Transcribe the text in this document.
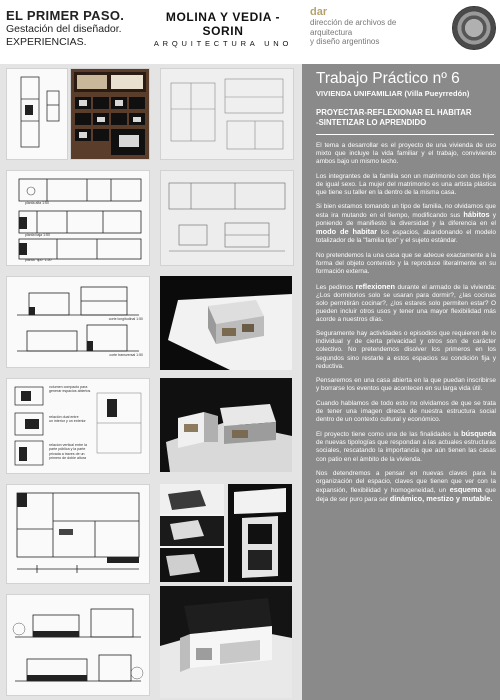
EL PRIMER PASO.
Gestación del diseñador.
EXPERIENCIAS.
MOLINA Y VEDIA - SORIN
ARQUITECTURA UNO
dar
dirección de archivos de arquitectura
y diseño argentinos
planta alta 1:50
planta baja 1:50
planta "tipo" 1:50
corte longitudinal 1:50
corte transversal 1:50
volumen compacto para
generar espacios abiertos
relación dual entre
un interior y un exterior
relacion vertical entre la
parte pública y la parte
privada a traves de un
primero de doble altura
Trabajo Práctico nº 6
VIVIENDA UNIFAMILIAR (Villa Pueyrredón)
PROYECTAR-REFLEXIONAR EL HABITAR
-SINTETIZAR LO APRENDIDO

El tema a desarrollar es el proyecto de una vivienda de uso mixto que incluye la vida familiar y el trabajo, conviviendo ambos bajo un mismo techo.

Los integrantes de la familia son un matrimonio con dos hijos de igual sexo. La mujer del matrimonio es una artista plástica que tiene su taller en la dentro de la misma casa.

Si bien estamos tomando un tipo de familia, no olvidamos que esta ira mutando en el tiempo, modificando sus hábitos y poniendo de manifiesto la diversidad y la diferencia en el modo de habitar los espacios, abandonando el modelo totalizador de la "familia tipo" y el sujeto estándar.

No pretendemos la una casa que se adecue exactamente a la forma del objeto contenido y la reproduce literalmente en su formación externa.

Les pedimos reflexionen durante el armado de la vivienda: ¿Los dormitorios solo se usaran para dormir?, ¿las cocinas solo permitirán cocinar?, ¿los estares solo permiten estar? O pueden incluir otros usos y tener una mayor flexibilidad más acorde a nuestros días.

Seguramente hay actividades o episodios que requieren de lo individual y de cierta privacidad y otros son de carácter colectivo. No pretendemos disolver los primeros en los segundos sino restarle a estos espacios su condición fija y reductiva.

Pensaremos en una casa abierta en la que puedan inscribirse y borrarse los eventos que acontecen en su larga vida útil.

Cuando hablamos de todo esto no olvidamos de que se trata de tener una imagen directa de nuestra estructura social dentro de un contexto cultural y económico.

El proyecto tiene como una de las finalidades la búsqueda de nuevas tipologías que respondan a las actuales estructuras sociales, rescatando la importancia que aún tienen las casas con patio en el ámbito de la vivienda.

Nos detendremos a pensar en nuevas claves para la organización del espacio, claves que tienen que ver con la expansión, flexibilidad y homogeneidad, un esquema que deja de ser puro para ser dinámico, mestizo y mutable.
